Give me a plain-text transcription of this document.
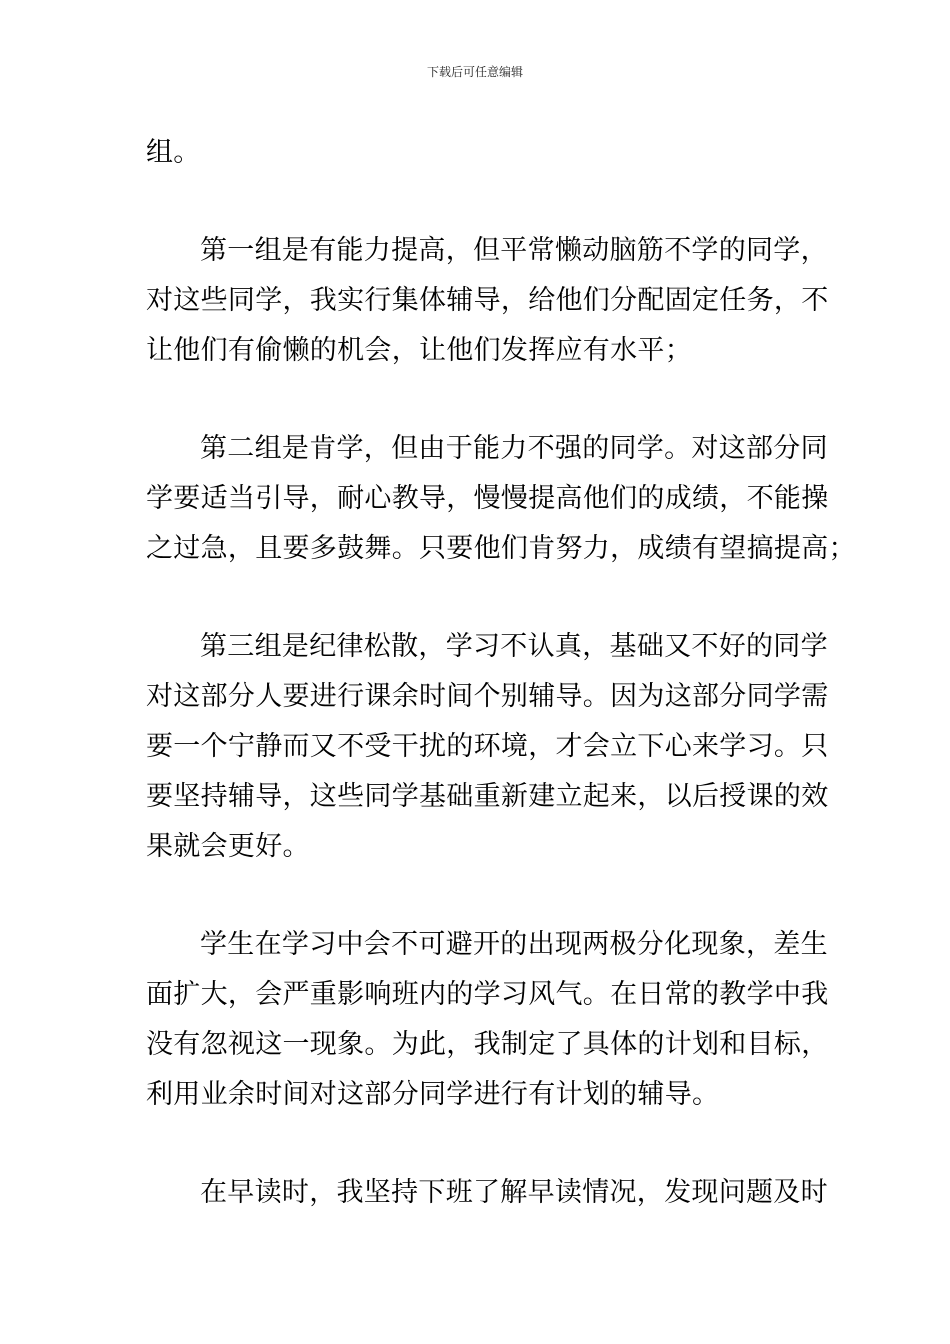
下载后可任意编辑
组。
第一组是有能力提高，但平常懒动脑筋不学的同学，
对这些同学，我实行集体辅导，给他们分配固定任务，不
让他们有偷懒的机会，让他们发挥应有水平；
第二组是肯学，但由于能力不强的同学。对这部分同
学要适当引导，耐心教导，慢慢提高他们的成绩，不能操
之过急，且要多鼓舞。只要他们肯努力，成绩有望搞提高；
第三组是纪律松散，学习不认真，基础又不好的同学
对这部分人要进行课余时间个别辅导。因为这部分同学需
要一个宁静而又不受干扰的环境，才会立下心来学习。只
要坚持辅导，这些同学基础重新建立起来，以后授课的效
果就会更好。
学生在学习中会不可避开的出现两极分化现象，差生
面扩大，会严重影响班内的学习风气。在日常的教学中我
没有忽视这一现象。为此，我制定了具体的计划和目标，
利用业余时间对这部分同学进行有计划的辅导。
在早读时，我坚持下班了解早读情况，发现问题及时
